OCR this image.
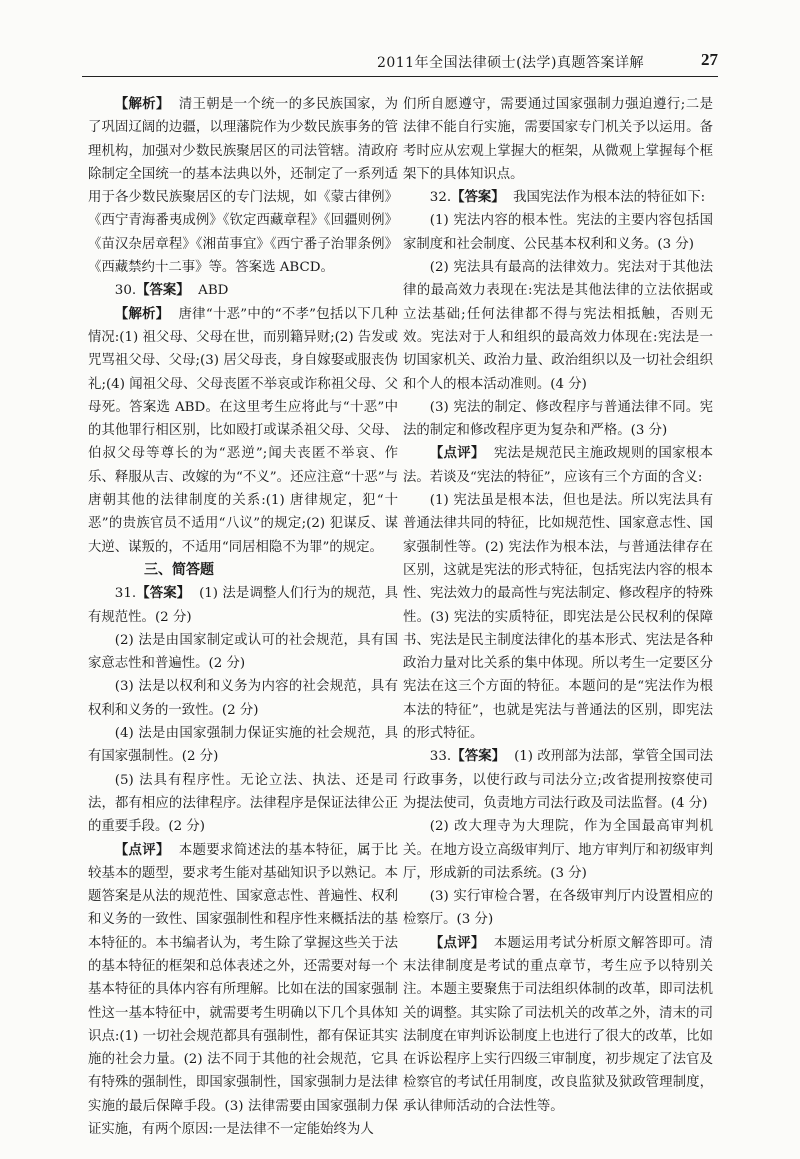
2011年全国法律硕士(法学)真题答案详解	27

【解析】 清王朝是一个统一的多民族国家，为了巩固辽阔的边疆，以理藩院作为少数民族事务的管理机构，加强对少数民族聚居区的司法管辖。清政府除制定全国统一的基本法典以外，还制定了一系列适用于各少数民族聚居区的专门法规，如《蒙古律例》《西宁青海番夷成例》《钦定西藏章程》《回疆则例》《苗汉杂居章程》《湘苗事宜》《西宁番子治罪条例》《西藏禁约十二事》等。答案选 ABCD。

30.【答案】 ABD

【解析】 唐律“十恶”中的“不孝”包括以下几种情况:(1) 祖父母、父母在世，而别籍异财;(2) 告发或咒骂祖父母、父母;(3) 居父母丧，身自嫁娶或服丧伪礼;(4) 闻祖父母、父母丧匿不举哀或诈称祖父母、父母死。答案选 ABD。在这里考生应将此与“十恶”中的其他罪行相区别，比如殴打或谋杀祖父母、父母、伯叔父母等尊长的为“恶逆”;闻夫丧匿不举哀、作乐、释服从吉、改嫁的为“不义”。还应注意“十恶”与唐朝其他的法律制度的关系:(1) 唐律规定，犯“十恶”的贵族官员不适用“八议”的规定;(2) 犯谋反、谋大逆、谋叛的，不适用“同居相隐不为罪”的规定。

三、简答题

31.【答案】 (1) 法是调整人们行为的规范，具有规范性。(2 分)

(2) 法是由国家制定或认可的社会规范，具有国家意志性和普遍性。(2 分)

(3) 法是以权利和义务为内容的社会规范，具有权利和义务的一致性。(2 分)

(4) 法是由国家强制力保证实施的社会规范，具有国家强制性。(2 分)

(5) 法具有程序性。无论立法、执法、还是司法，都有相应的法律程序。法律程序是保证法律公正的重要手段。(2 分)

【点评】 本题要求简述法的基本特征，属于比较基本的题型，要求考生能对基础知识予以熟记。本题答案是从法的规范性、国家意志性、普遍性、权利和义务的一致性、国家强制性和程序性来概括法的基本特征的。本书编者认为，考生除了掌握这些关于法的基本特征的框架和总体表述之外，还需要对每一个基本特征的具体内容有所理解。比如在法的国家强制性这一基本特征中，就需要考生明确以下几个具体知识点:(1) 一切社会规范都具有强制性，都有保证其实施的社会力量。(2) 法不同于其他的社会规范，它具有特殊的强制性，即国家强制性，国家强制力是法律实施的最后保障手段。(3) 法律需要由国家强制力保证实施，有两个原因:一是法律不一定能始终为人

们所自愿遵守，需要通过国家强制力强迫遵行;二是法律不能自行实施，需要国家专门机关予以运用。备考时应从宏观上掌握大的框架，从微观上掌握每个框架下的具体知识点。

32.【答案】 我国宪法作为根本法的特征如下:

(1) 宪法内容的根本性。宪法的主要内容包括国家制度和社会制度、公民基本权利和义务。(3 分)

(2) 宪法具有最高的法律效力。宪法对于其他法律的最高效力表现在:宪法是其他法律的立法依据或立法基础;任何法律都不得与宪法相抵触，否则无效。宪法对于人和组织的最高效力体现在:宪法是一切国家机关、政治力量、政治组织以及一切社会组织和个人的根本活动准则。(4 分)

(3) 宪法的制定、修改程序与普通法律不同。宪法的制定和修改程序更为复杂和严格。(3 分)

【点评】 宪法是规范民主施政规则的国家根本法。若谈及“宪法的特征”，应该有三个方面的含义:

(1) 宪法虽是根本法，但也是法。所以宪法具有普通法律共同的特征，比如规范性、国家意志性、国家强制性等。(2) 宪法作为根本法，与普通法律存在区别，这就是宪法的形式特征，包括宪法内容的根本性、宪法效力的最高性与宪法制定、修改程序的特殊性。(3) 宪法的实质特征，即宪法是公民权利的保障书、宪法是民主制度法律化的基本形式、宪法是各种政治力量对比关系的集中体现。所以考生一定要区分宪法在这三个方面的特征。本题问的是“宪法作为根本法的特征”，也就是宪法与普通法的区别，即宪法的形式特征。

33.【答案】 (1) 改刑部为法部，掌管全国司法行政事务，以使行政与司法分立;改省提刑按察使司为提法使司，负责地方司法行政及司法监督。(4 分)

(2) 改大理寺为大理院，作为全国最高审判机关。在地方设立高级审判厅、地方审判厅和初级审判厅，形成新的司法系统。(3 分)

(3) 实行审检合署，在各级审判厅内设置相应的检察厅。(3 分)

【点评】 本题运用考试分析原文解答即可。清末法律制度是考试的重点章节，考生应予以特别关注。本题主要聚焦于司法组织体制的改革，即司法机关的调整。其实除了司法机关的改革之外，清末的司法制度在审判诉讼制度上也进行了很大的改革，比如在诉讼程序上实行四级三审制度，初步规定了法官及检察官的考试任用制度，改良监狱及狱政管理制度，承认律师活动的合法性等。
